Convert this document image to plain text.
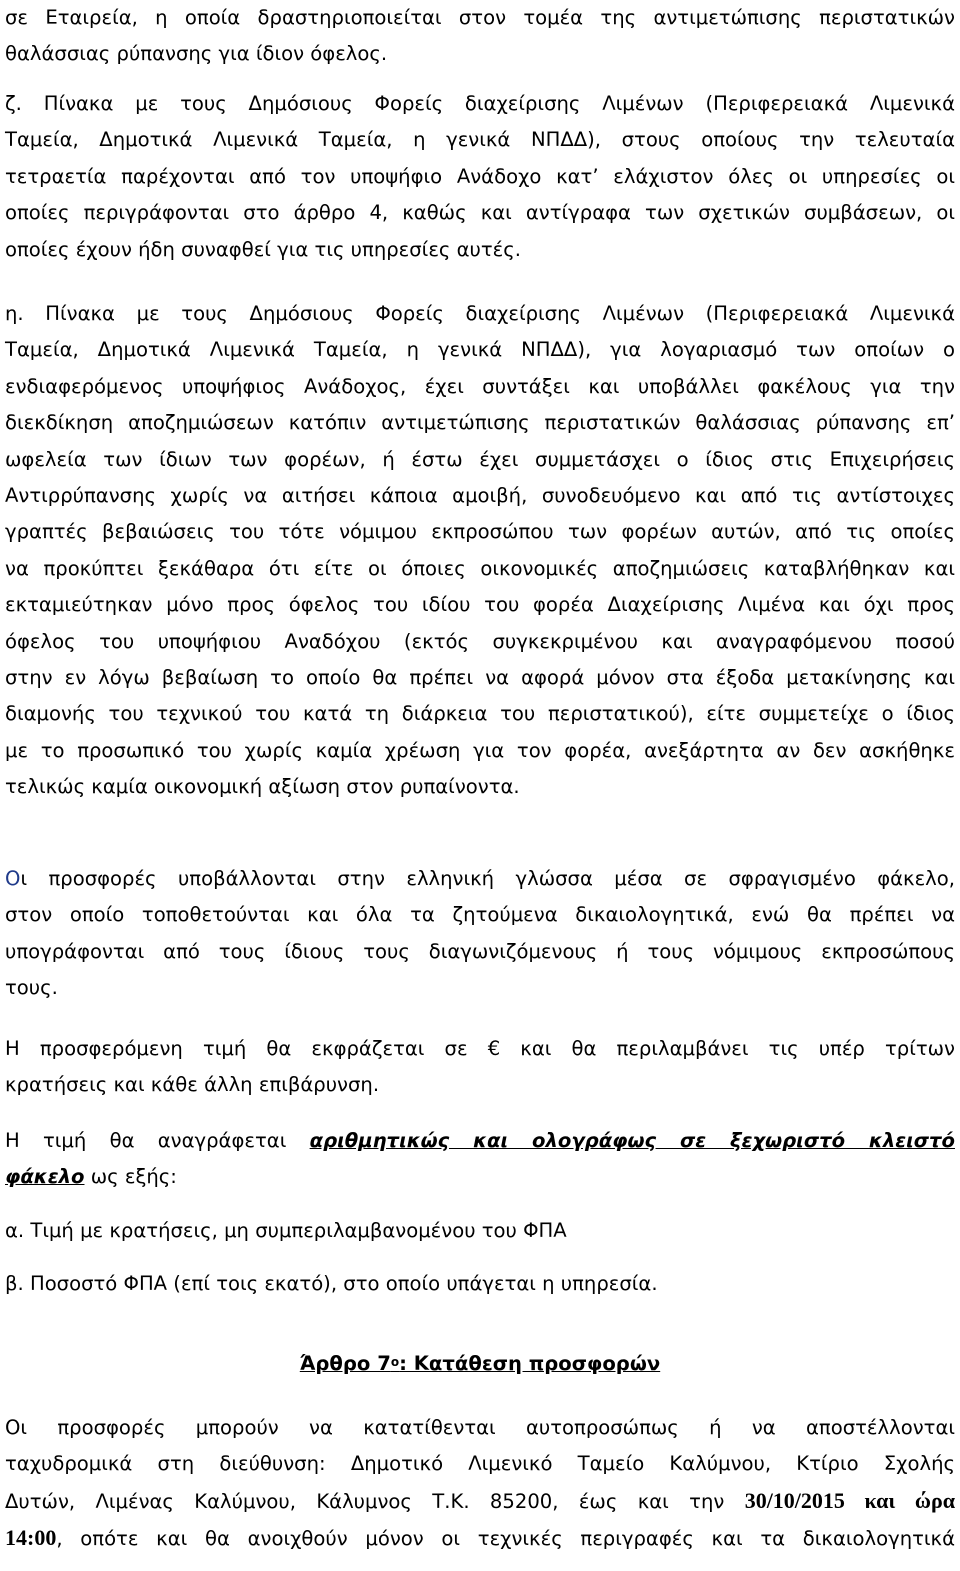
σε Εταιρεία, η οποία δραστηριοποιείται στον τομέα της αντιμετώπισης περιστατικών
θαλάσσιας ρύπανσης για ίδιον όφελος.
ζ. Πίνακα με τους Δημόσιους Φορείς διαχείρισης Λιμένων (Περιφερειακά Λιμενικά
Ταμεία, Δημοτικά Λιμενικά Ταμεία, η γενικά ΝΠΔΔ), στους οποίους την τελευταία
τετραετία παρέχονται από τον υποψήφιο Ανάδοχο κατ’ ελάχιστον όλες οι υπηρεσίες οι
οποίες περιγράφονται στο άρθρο 4, καθώς και αντίγραφα των σχετικών συμβάσεων, οι
οποίες έχουν ήδη συναφθεί για τις υπηρεσίες αυτές.
η. Πίνακα με τους Δημόσιους Φορείς διαχείρισης Λιμένων (Περιφερειακά Λιμενικά
Ταμεία, Δημοτικά Λιμενικά Ταμεία, η γενικά ΝΠΔΔ), για λογαριασμό των οποίων ο
ενδιαφερόμενος υποψήφιος Ανάδοχος, έχει συντάξει και υποβάλλει φακέλους για την
διεκδίκηση αποζημιώσεων κατόπιν αντιμετώπισης περιστατικών θαλάσσιας ρύπανσης επ’
ωφελεία των ίδιων των φορέων, ή έστω έχει συμμετάσχει ο ίδιος στις Επιχειρήσεις
Αντιρρύπανσης χωρίς να αιτήσει κάποια αμοιβή, συνοδευόμενο και από τις αντίστοιχες
γραπτές βεβαιώσεις του τότε νόμιμου εκπροσώπου των φορέων αυτών, από τις οποίες
να προκύπτει ξεκάθαρα ότι είτε οι όποιες οικονομικές αποζημιώσεις καταβλήθηκαν και
εκταμιεύτηκαν μόνο προς όφελος του ιδίου του φορέα Διαχείρισης Λιμένα και όχι προς
όφελος του υποψήφιου Αναδόχου (εκτός συγκεκριμένου και αναγραφόμενου ποσού
στην εν λόγω βεβαίωση το οποίο θα πρέπει να αφορά μόνον στα έξοδα μετακίνησης και
διαμονής του τεχνικού του κατά τη διάρκεια του περιστατικού), είτε συμμετείχε ο ίδιος
με το προσωπικό του χωρίς καμία χρέωση για τον φορέα, ανεξάρτητα αν δεν ασκήθηκε
τελικώς καμία οικονομική αξίωση στον ρυπαίνοντα.
Οι προσφορές υποβάλλονται στην ελληνική γλώσσα μέσα σε σφραγισμένο φάκελο,
στον οποίο τοποθετούνται και όλα τα ζητούμενα δικαιολογητικά, ενώ θα πρέπει να
υπογράφονται από τους ίδιους τους διαγωνιζόμενους ή τους νόμιμους εκπροσώπους
τους.
Η προσφερόμενη τιμή θα εκφράζεται σε € και θα περιλαμβάνει τις υπέρ τρίτων
κρατήσεις και κάθε άλλη επιβάρυνση.
Η τιμή θα αναγράφεται αριθμητικώς και ολογράφως σε ξεχωριστό κλειστό
φάκελο ως εξής:
α. Τιμή με κρατήσεις, μη συμπεριλαμβανομένου του ΦΠΑ
β. Ποσοστό ΦΠΑ (επί τοις εκατό), στο οποίο υπάγεται η υπηρεσία.
Άρθρο $7^o$: Κατάθεση προσφορών
Οι προσφορές μπορούν να κατατίθενται αυτοπροσώπως ή να αποστέλλονται
ταχυδρομικά στη διεύθυνση: Δημοτικό Λιμενικό Ταμείο Καλύμνου, Κτίριο Σχολής
Δυτών, Λιμένας Καλύμνου, Κάλυμνος Τ.Κ. 85200, έως και την 30/10/2015 και ώρα
14:00, οπότε και θα ανοιχθούν μόνον οι τεχνικές περιγραφές και τα δικαιολογητικά
